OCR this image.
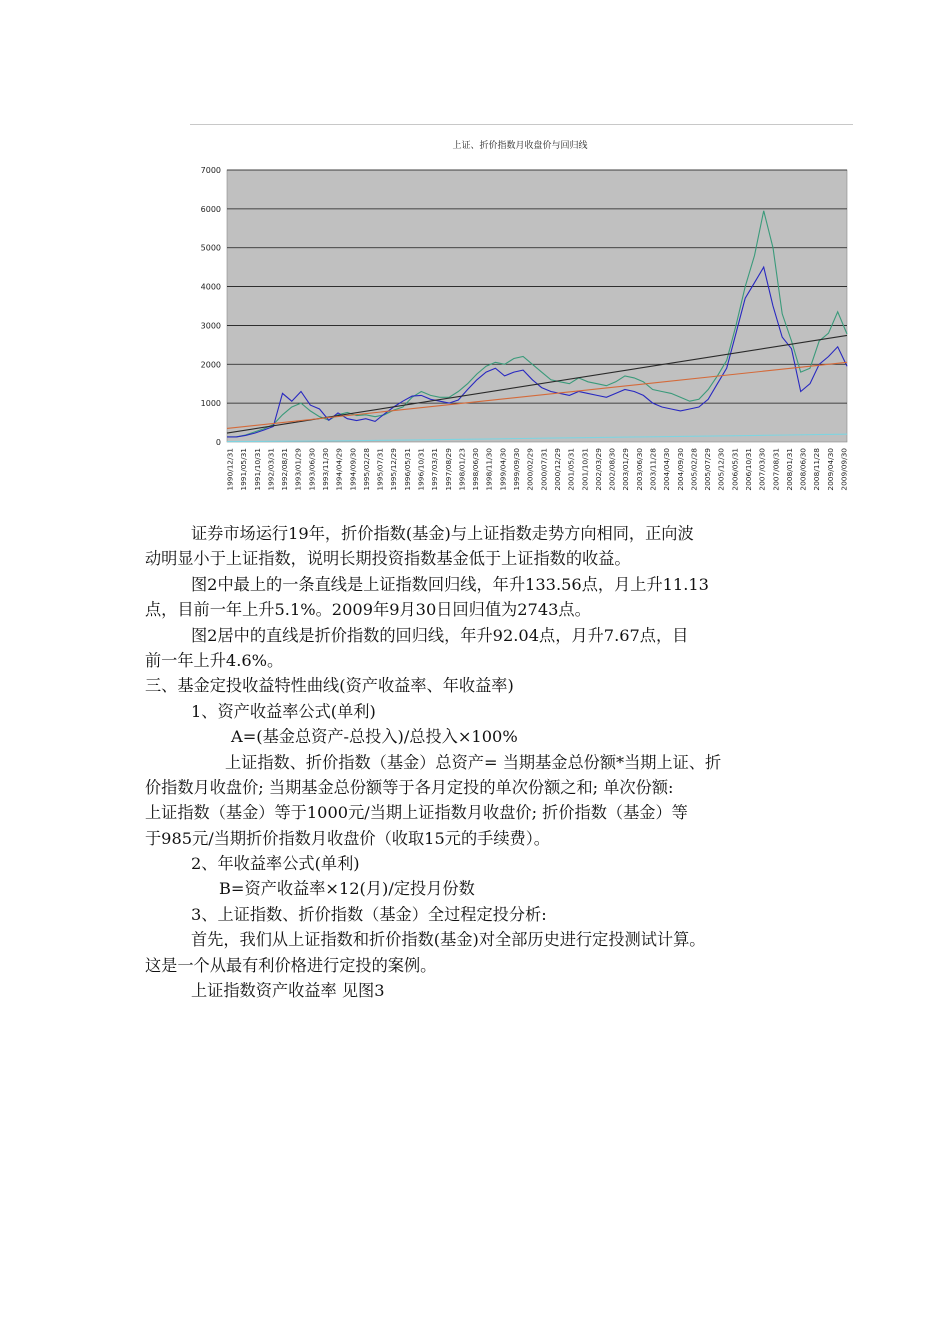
上证、折价指数月收盘价与回归线
0
1000
2000
3000
4000
5000
6000
7000
1990/12/31 1991/05/31 1991/10/31 1992/03/31 1992/08/31 1993/01/29 1993/06/30 1993/11/30 1994/04/29 1994/09/30 1995/02/28 1995/07/31 1995/12/29 1996/05/31 1996/10/31 1997/03/31 1997/08/29 1998/01/23 1998/06/30 1998/11/30 1999/04/30 1999/09/30 2000/02/29 2000/07/31 2000/12/29 2001/05/31 2001/10/31 2002/03/29 2002/08/30 2003/01/29 2003/06/30 2003/11/28 2004/04/30 2004/09/30 2005/02/28 2005/07/29 2005/12/30 2006/05/31 2006/10/31 2007/03/30 2007/08/31 2008/01/31 2008/06/30 2008/11/28 2009/04/30 2009/09/30

证券市场运行19年，折价指数(基金)与上证指数走势方向相同，正向波

动明显小于上证指数，说明长期投资指数基金低于上证指数的收益。

图2中最上的一条直线是上证指数回归线，年升133.56点，月上升11.13

点，目前一年上升5.1%。2009年9月30日回归值为2743点。

图2居中的直线是折价指数的回归线，年升92.04点，月升7.67点，目

前一年上升4.6%。

三、基金定投收益特性曲线(资产收益率、年收益率)

1、资产收益率公式(单利)

A=(基金总资产-总投入)/总投入×100%

上证指数、折价指数（基金）总资产= 当期基金总份额*当期上证、折

价指数月收盘价; 当期基金总份额等于各月定投的单次份额之和; 单次份额:

上证指数（基金）等于1000元/当期上证指数月收盘价; 折价指数（基金）等

于985元/当期折价指数月收盘价（收取15元的手续费）。

2、年收益率公式(单利)

B=资产收益率×12(月)/定投月份数

3、上证指数、折价指数（基金）全过程定投分析:

首先，我们从上证指数和折价指数(基金)对全部历史进行定投测试计算。

这是一个从最有利价格进行定投的案例。

上证指数资产收益率 见图3
